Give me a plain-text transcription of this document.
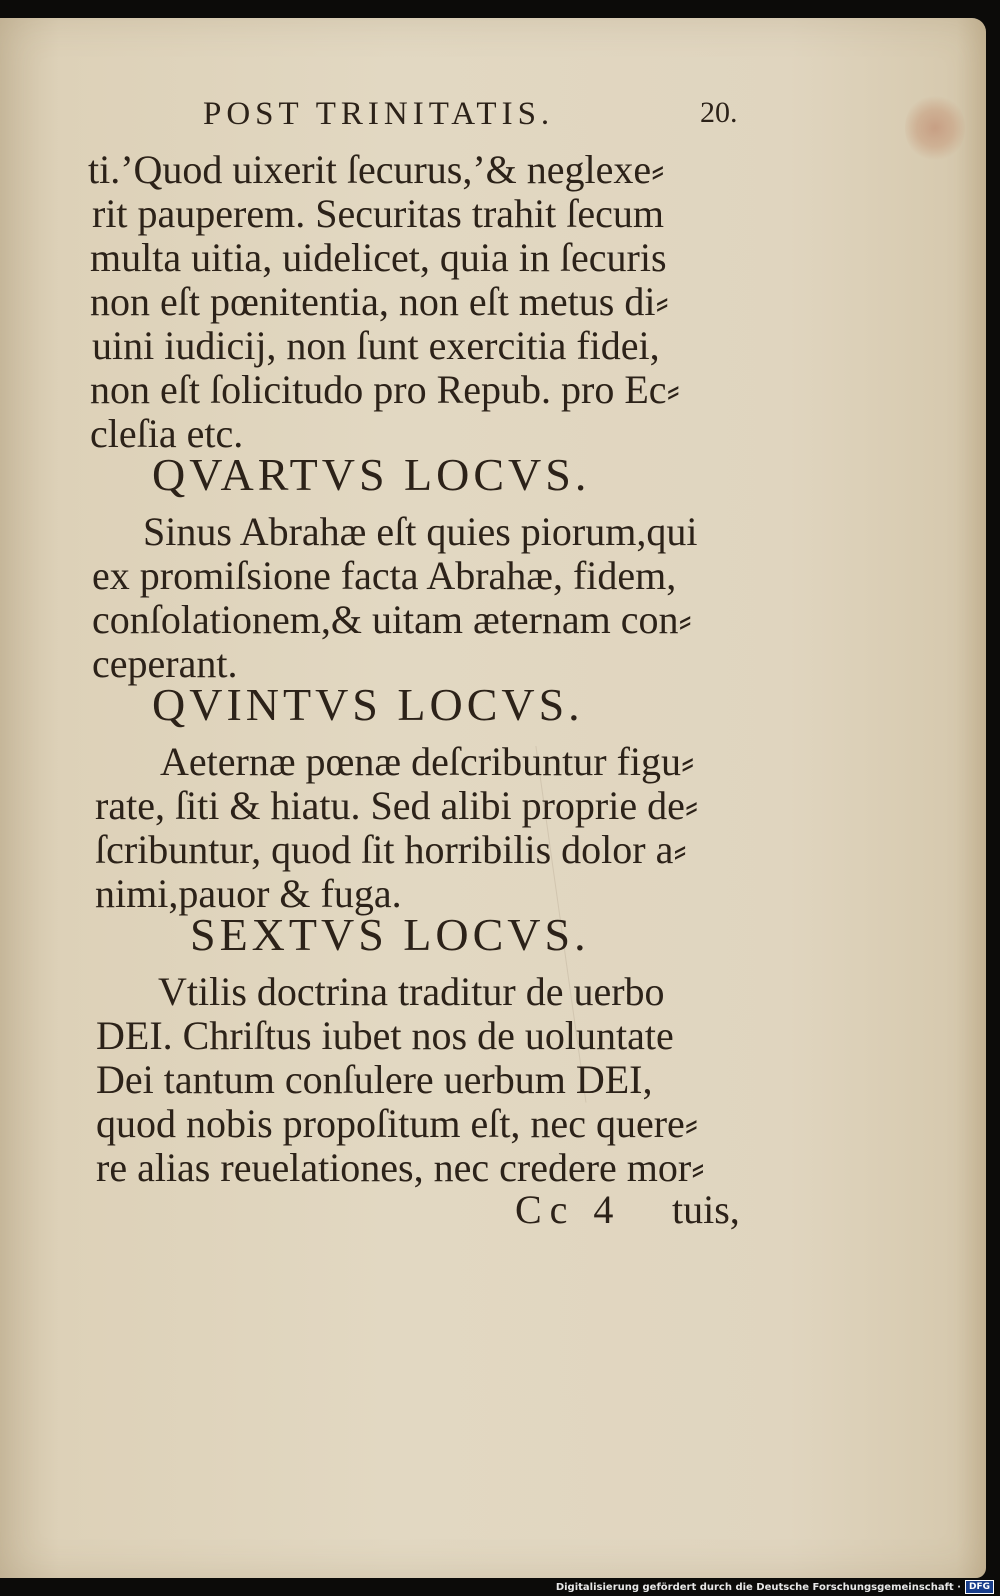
POST TRINITATIS.	20.
ti.’Quod uixerit ſecurus,’& neglexe⸗
rit pauperem. Securitas trahit ſecum
multa uitia, uidelicet, quia in ſecuris
non eſt pœnitentia, non eſt metus di⸗
uini iudicij, non ſunt exercitia fidei,
non eſt ſolicitudo pro Repub. pro Ec⸗
cleſia etc.
QVARTVS LOCVS.
Sinus Abrahæ eſt quies piorum,qui
ex promiſsione facta Abrahæ, fidem,
conſolationem,& uitam æternam con⸗
ceperant.
QVINTVS LOCVS.
Aeternæ pœnæ deſcribuntur figu⸗
rate, ſiti & hiatu. Sed alibi proprie de⸗
ſcribuntur, quod ſit horribilis dolor a⸗
nimi,pauor & fuga.
SEXTVS LOCVS.
Vtilis doctrina traditur de uerbo
DEI. Chriſtus iubet nos de uoluntate
Dei tantum conſulere uerbum DEI,
quod nobis propoſitum eſt, nec quere⸗
re alias reuelationes, nec credere mor⸗
Cc 4 tuis,
Digitalisierung gefördert durch die Deutsche Forschungsgemeinschaft · DFG
